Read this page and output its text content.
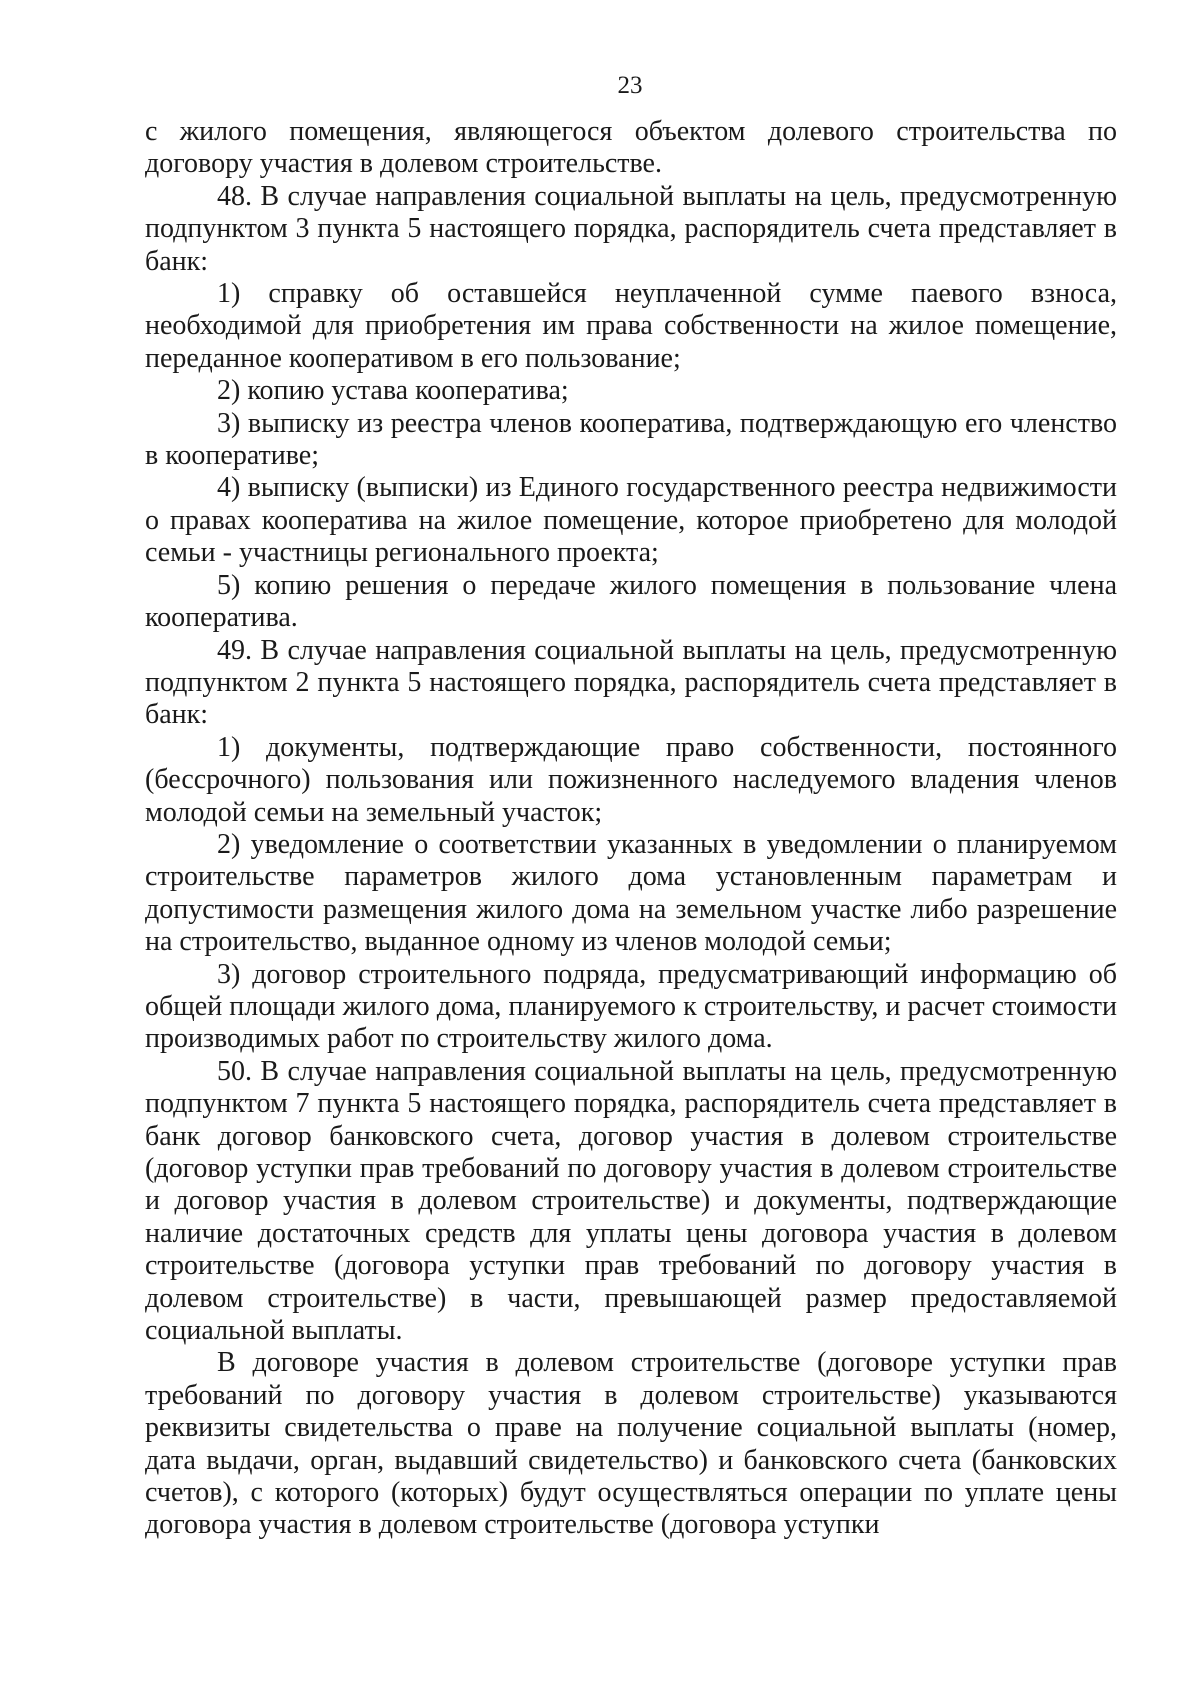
23

с жилого помещения, являющегося объектом долевого строительства по договору участия в долевом строительстве.

48. В случае направления социальной выплаты на цель, предусмотренную подпунктом 3 пункта 5 настоящего порядка, распорядитель счета представляет в банк:

1) справку об оставшейся неуплаченной сумме паевого взноса, необходимой для приобретения им права собственности на жилое помещение, переданное кооперативом в его пользование;

2) копию устава кооператива;

3) выписку из реестра членов кооператива, подтверждающую его членство в кооперативе;

4) выписку (выписки) из Единого государственного реестра недвижимости о правах кооператива на жилое помещение, которое приобретено для молодой семьи - участницы регионального проекта;

5) копию решения о передаче жилого помещения в пользование члена кооператива.

49. В случае направления социальной выплаты на цель, предусмотренную подпунктом 2 пункта 5 настоящего порядка, распорядитель счета представляет в банк:

1) документы, подтверждающие право собственности, постоянного (бессрочного) пользования или пожизненного наследуемого владения членов молодой семьи на земельный участок;

2) уведомление о соответствии указанных в уведомлении о планируемом строительстве параметров жилого дома установленным параметрам и допустимости размещения жилого дома на земельном участке либо разрешение на строительство, выданное одному из членов молодой семьи;

3) договор строительного подряда, предусматривающий информацию об общей площади жилого дома, планируемого к строительству, и расчет стоимости производимых работ по строительству жилого дома.

50. В случае направления социальной выплаты на цель, предусмотренную подпунктом 7 пункта 5 настоящего порядка, распорядитель счета представляет в банк договор банковского счета, договор участия в долевом строительстве (договор уступки прав требований по договору участия в долевом строительстве и договор участия в долевом строительстве) и документы, подтверждающие наличие достаточных средств для уплаты цены договора участия в долевом строительстве (договора уступки прав требований по договору участия в долевом строительстве) в части, превышающей размер предоставляемой социальной выплаты.

В договоре участия в долевом строительстве (договоре уступки прав требований по договору участия в долевом строительстве) указываются реквизиты свидетельства о праве на получение социальной выплаты (номер, дата выдачи, орган, выдавший свидетельство) и банковского счета (банковских счетов), с которого (которых) будут осуществляться операции по уплате цены договора участия в долевом строительстве (договора уступки
